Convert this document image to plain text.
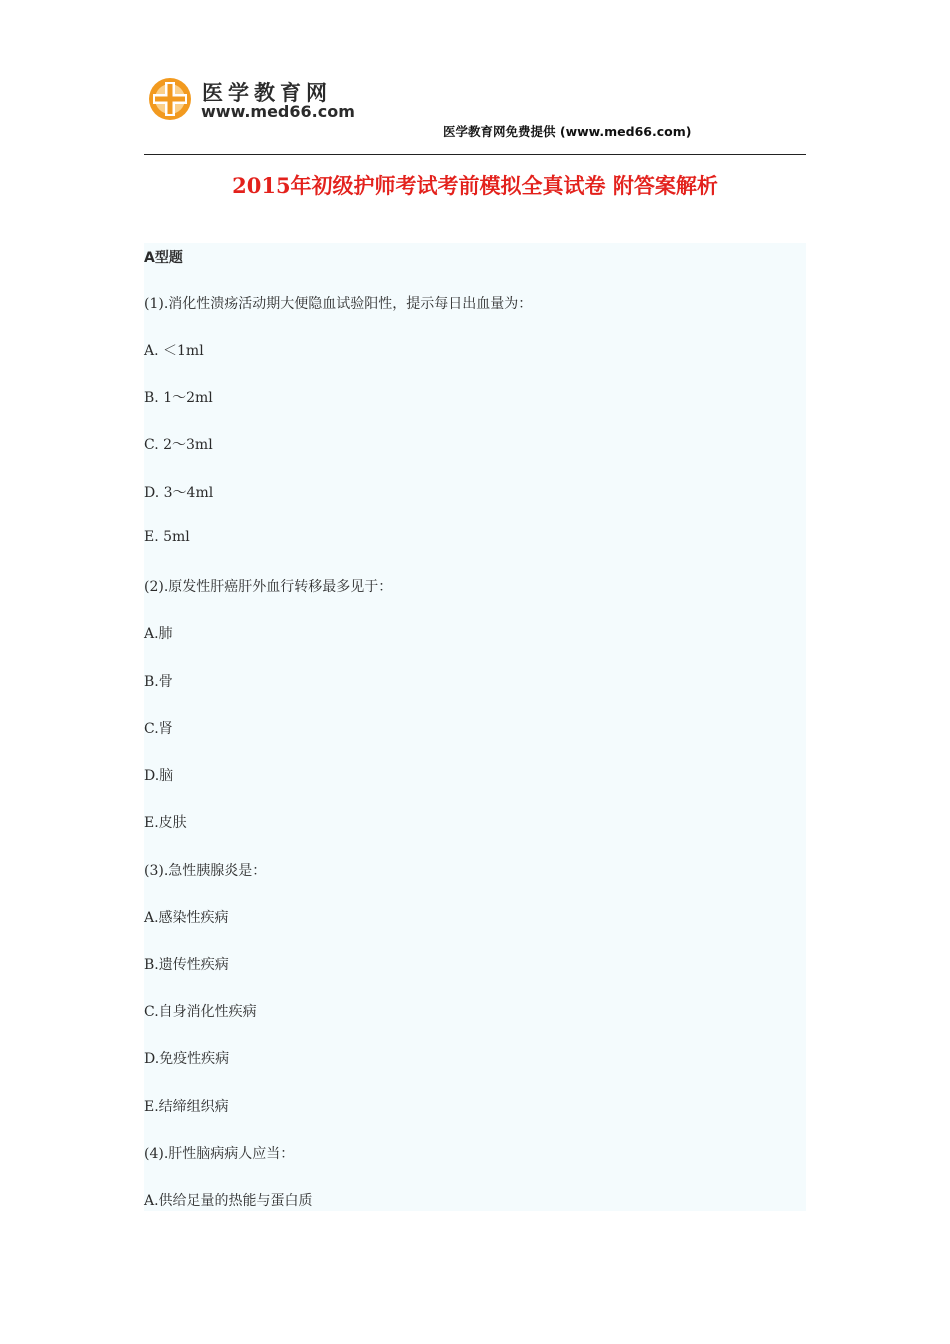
医学教育网
www.med66.com
医学教育网免费提供 (www.med66.com)
2015年初级护师考试考前模拟全真试卷 附答案解析
A型题
(1).消化性溃疡活动期大便隐血试验阳性，提示每日出血量为：
A. ＜1ml
B. 1～2ml
C. 2～3ml
D. 3～4ml
E. 5ml
(2).原发性肝癌肝外血行转移最多见于：
A.肺
B.骨
C.肾
D.脑
E.皮肤
(3).急性胰腺炎是：
A.感染性疾病
B.遗传性疾病
C.自身消化性疾病
D.免疫性疾病
E.结缔组织病
(4).肝性脑病病人应当：
A.供给足量的热能与蛋白质
